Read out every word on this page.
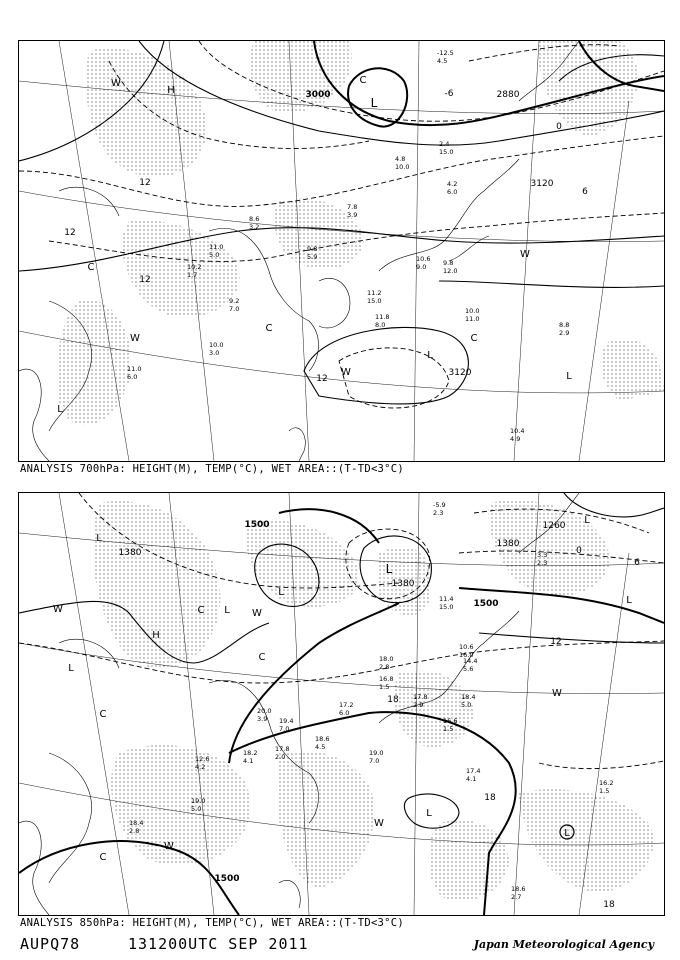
3000
3120
2880
3120
12
12
12
12
0
-6
6
W
H
L
C
C
C
C
W
W
L
W	L
L
10.0
11.0
8.8
2.9
10.4
4.9
11.0
6.0
10.0
3.0
9.2
7.0
11.8
8.0
11.2
15.0
10.6
9.0	9.8
12.0
10.2
1.7
11.0
5.0
7.8
3.9
4.8
10.0
2.4
15.0
-12.5
4.5
4.2
6.0
8.6
3.2
9.8
5.9
ANALYSIS 700hPa: HEIGHT(M), TEMP(°C), WET AREA::(T-TD<3°C)
1500
1500
1500
1380
1380
1380
1260
18
18
18
12
0
6
L
L
L
L
L
L
L
C
C
C
C
H
W
W
W
W
W
L
L
17.4
4.1	16.2
1.5
18.6
2.7
19.0
7.0
17.8
2.0
16.6
1.5
18.4
5.0
17.8
2.9
17.2
6.0
18.6
4.5
19.4
7.0
20.0
3.9
18.2
4.1
16.8
1.5
18.0
2.8
11.4
15.0
10.6
16.0
14.4
5.6
19.0
5.0
12.6
4.2
-5.9
2.3
3.3
2.3
18.4
2.8
ANALYSIS 850hPa: HEIGHT(M), TEMP(°C), WET AREA::(T-TD<3°C)
AUPQ78	131200UTC SEP 2011	Japan Meteorological Agency
